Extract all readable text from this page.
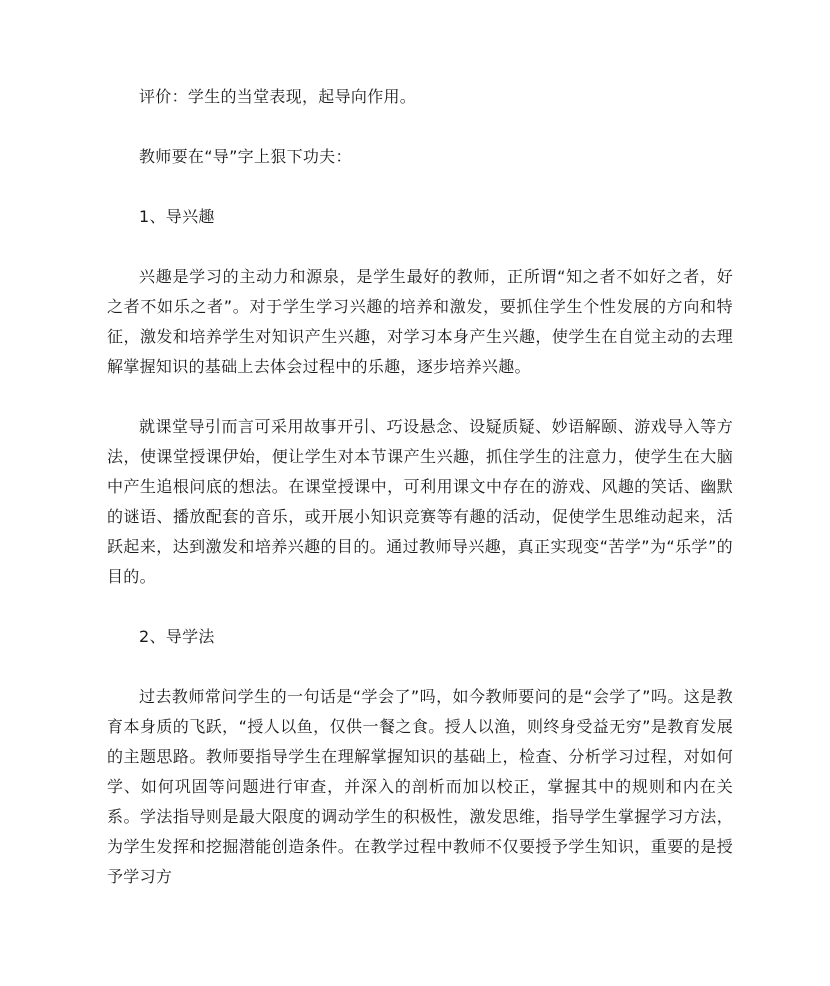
评价：学生的当堂表现，起导向作用。

教师要在“导”字上狠下功夫：

1、导兴趣

兴趣是学习的主动力和源泉，是学生最好的教师，正所谓“知之者不如好之者，好之者不如乐之者”。对于学生学习兴趣的培养和激发，要抓住学生个性发展的方向和特征，激发和培养学生对知识产生兴趣，对学习本身产生兴趣，使学生在自觉主动的去理解掌握知识的基础上去体会过程中的乐趣，逐步培养兴趣。

就课堂导引而言可采用故事开引、巧设悬念、设疑质疑、妙语解颐、游戏导入等方法，使课堂授课伊始，便让学生对本节课产生兴趣，抓住学生的注意力，使学生在大脑中产生追根问底的想法。在课堂授课中，可利用课文中存在的游戏、风趣的笑话、幽默的谜语、播放配套的音乐，或开展小知识竞赛等有趣的活动，促使学生思维动起来，活跃起来，达到激发和培养兴趣的目的。通过教师导兴趣，真正实现变“苦学”为“乐学”的目的。

2、导学法

过去教师常问学生的一句话是“学会了”吗，如今教师要问的是“会学了”吗。这是教育本身质的飞跃，“授人以鱼，仅供一餐之食。授人以渔，则终身受益无穷”是教育发展的主题思路。教师要指导学生在理解掌握知识的基础上，检查、分析学习过程，对如何学、如何巩固等问题进行审查，并深入的剖析而加以校正，掌握其中的规则和内在关系。学法指导则是最大限度的调动学生的积极性，激发思维，指导学生掌握学习方法，为学生发挥和挖掘潜能创造条件。在教学过程中教师不仅要授予学生知识，重要的是授予学习方
